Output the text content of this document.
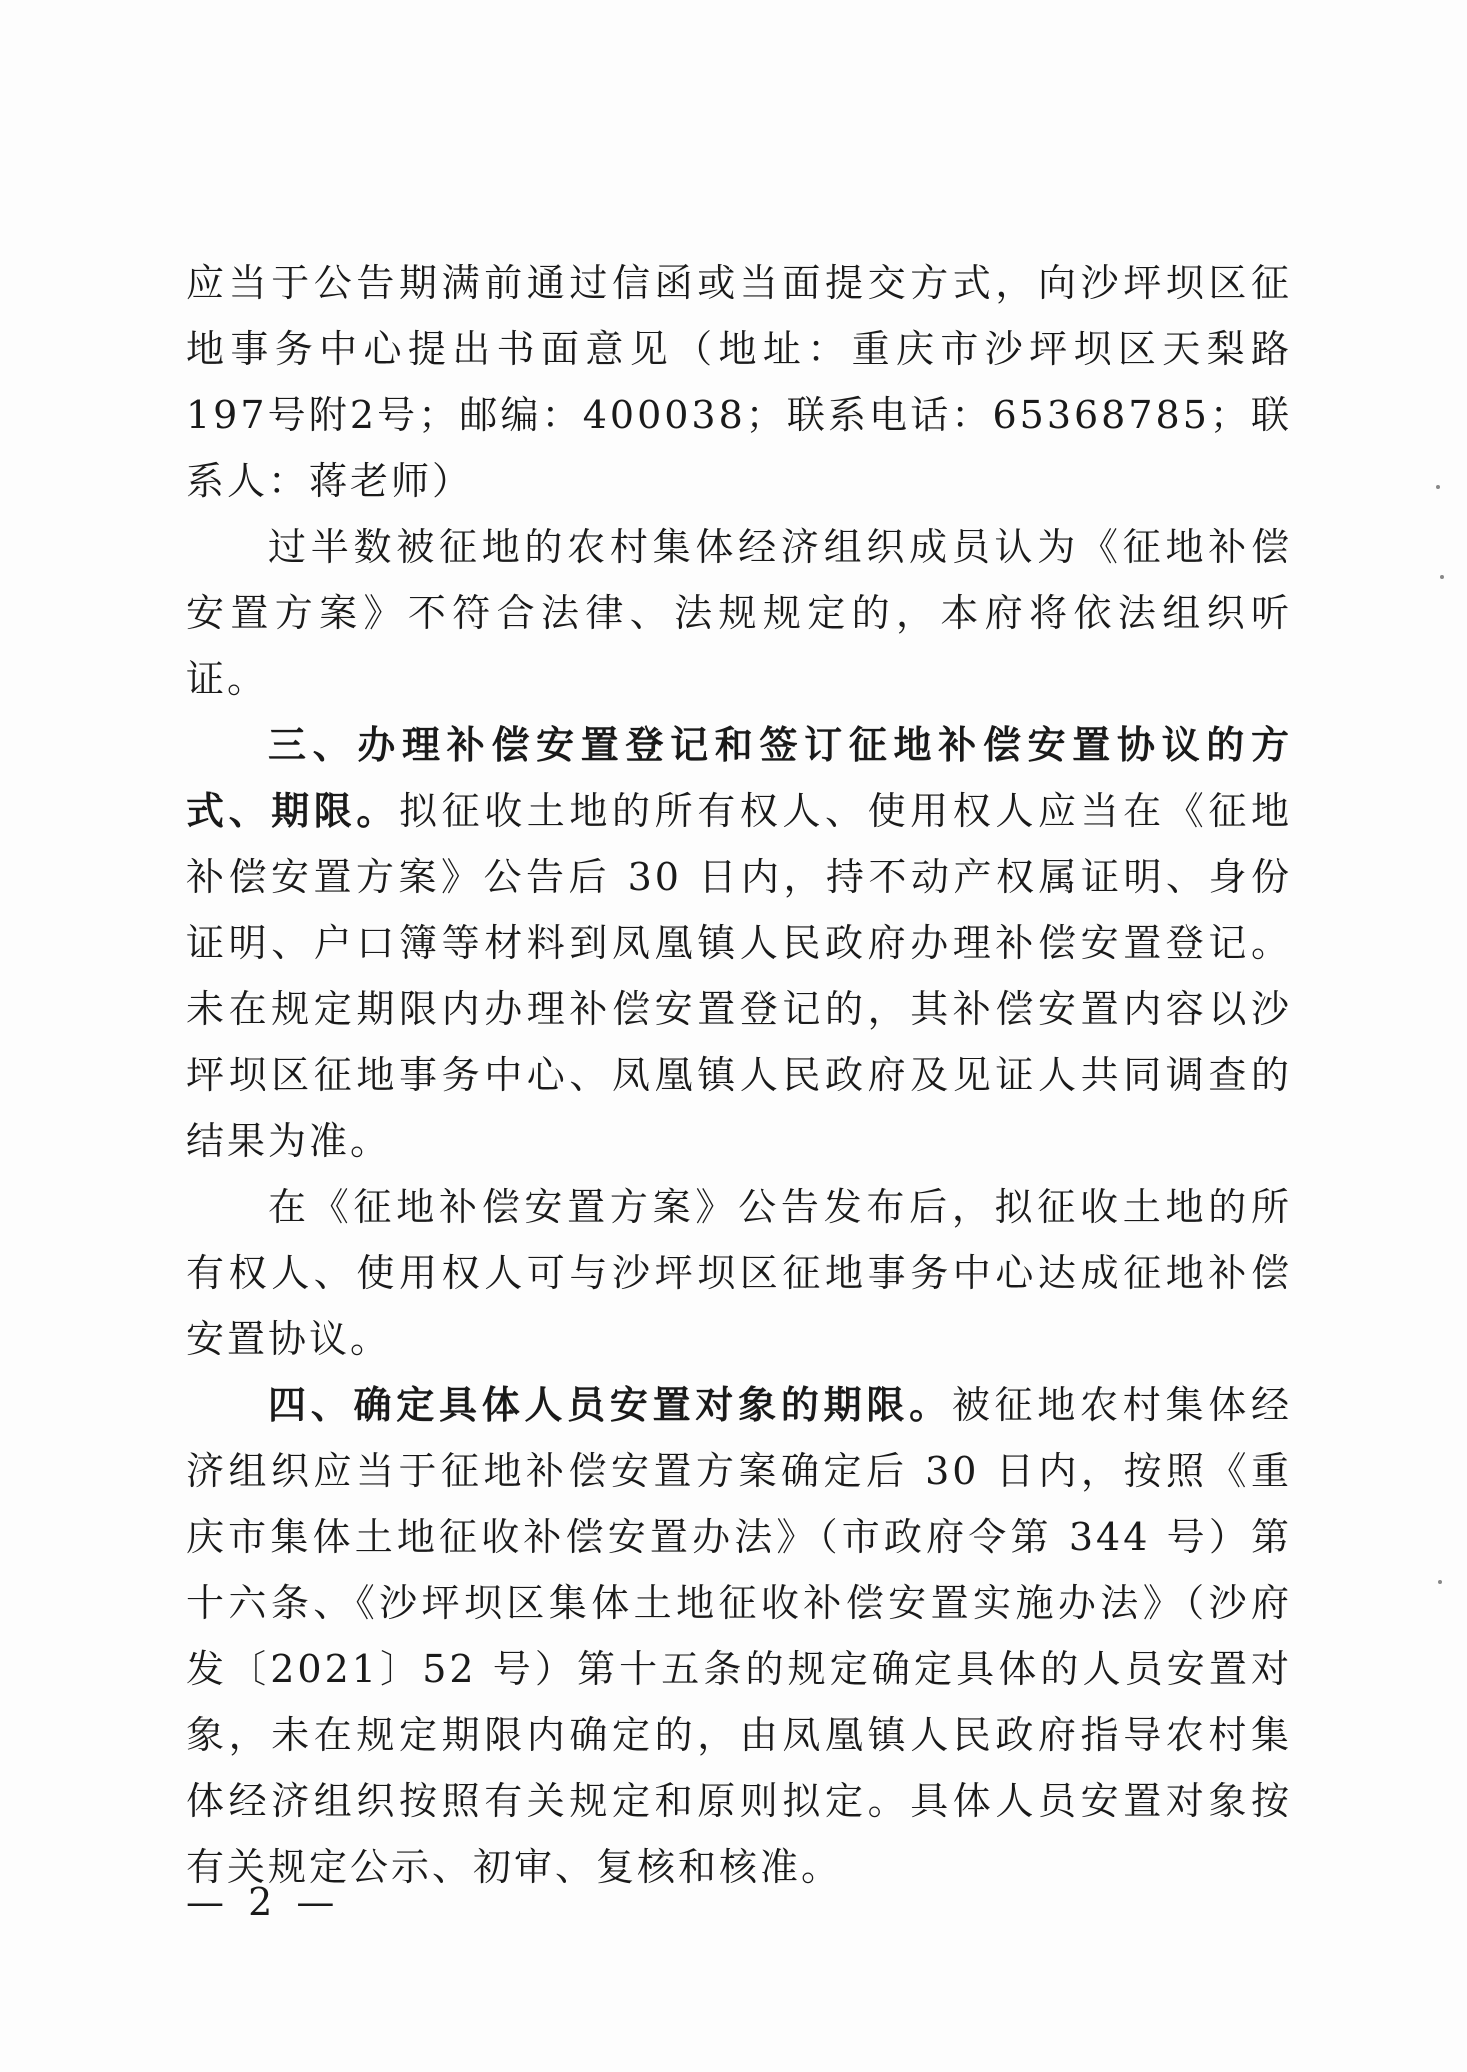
应当于公告期满前通过信函或当面提交方式，向沙坪坝区征地事务中心提出书面意见（地址：重庆市沙坪坝区天梨路197号附2号；邮编：400038；联系电话：65368785；联系人：蒋老师）

过半数被征地的农村集体经济组织成员认为《征地补偿安置方案》不符合法律、法规规定的，本府将依法组织听证。

三、办理补偿安置登记和签订征地补偿安置协议的方式、期限。拟征收土地的所有权人、使用权人应当在《征地补偿安置方案》公告后 30 日内，持不动产权属证明、身份证明、户口簿等材料到凤凰镇人民政府办理补偿安置登记。未在规定期限内办理补偿安置登记的，其补偿安置内容以沙坪坝区征地事务中心、凤凰镇人民政府及见证人共同调查的结果为准。

在《征地补偿安置方案》公告发布后，拟征收土地的所有权人、使用权人可与沙坪坝区征地事务中心达成征地补偿安置协议。

四、确定具体人员安置对象的期限。被征地农村集体经济组织应当于征地补偿安置方案确定后 30 日内，按照《重庆市集体土地征收补偿安置办法》（市政府令第 344 号）第十六条、《沙坪坝区集体土地征收补偿安置实施办法》（沙府发〔2021〕52 号）第十五条的规定确定具体的人员安置对象，未在规定期限内确定的，由凤凰镇人民政府指导农村集体经济组织按照有关规定和原则拟定。具体人员安置对象按有关规定公示、初审、复核和核准。

— 2 —
